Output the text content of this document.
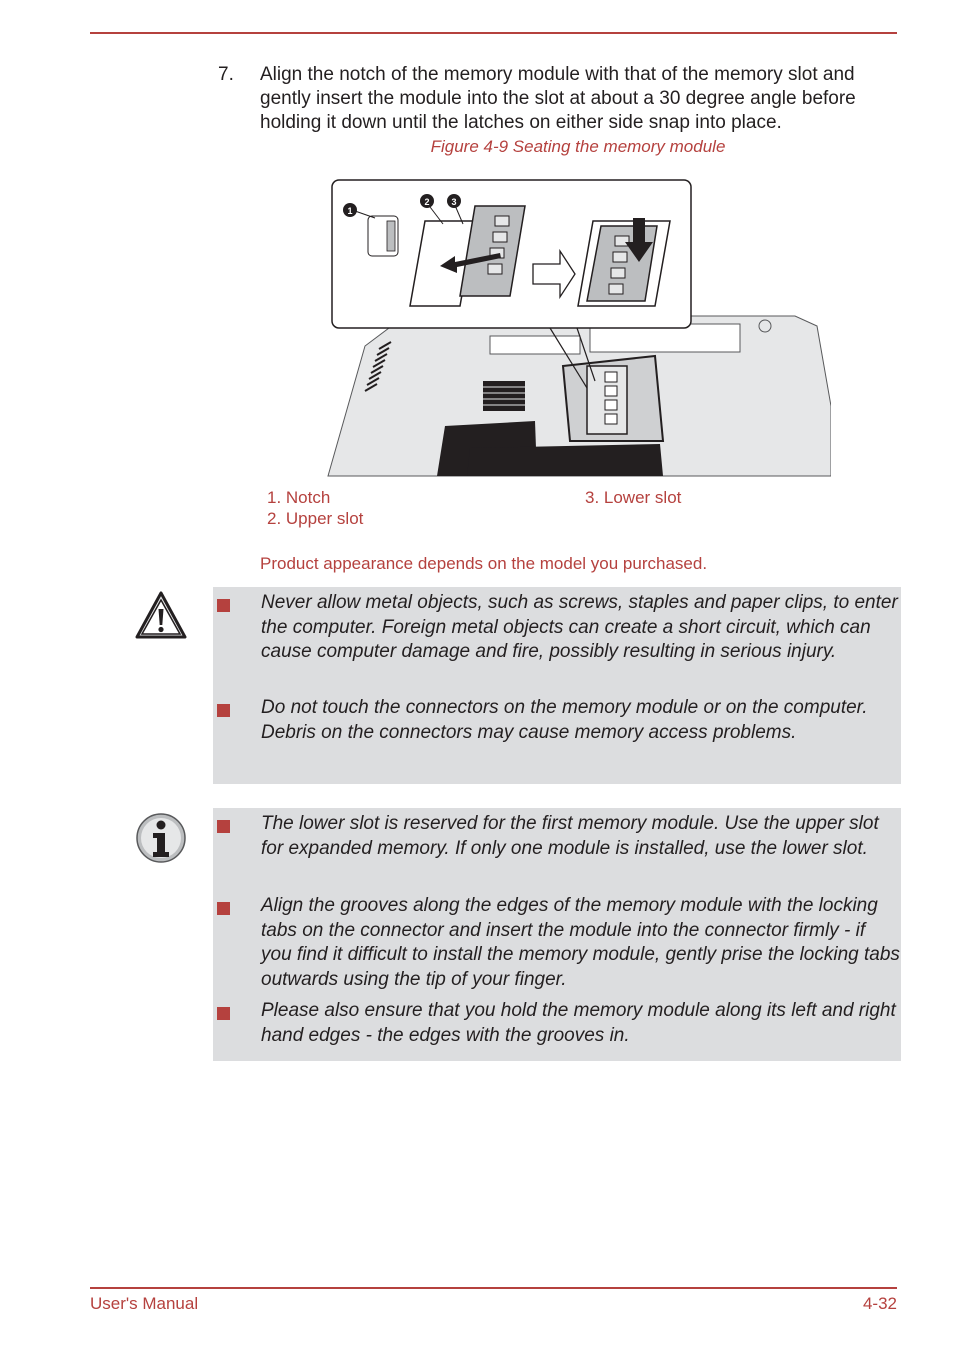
7. Align the notch of the memory module with that of the memory slot and gently insert the module into the slot at about a 30 degree angle before holding it down until the latches on either side snap into place.
Figure 4-9 Seating the memory module
1
2 3
1. Notch
2. Upper slot
3. Lower slot
Product appearance depends on the model you purchased.
Never allow metal objects, such as screws, staples and paper clips, to enter the computer. Foreign metal objects can create a short circuit, which can cause computer damage and fire, possibly resulting in serious injury.
Do not touch the connectors on the memory module or on the computer. Debris on the connectors may cause memory access problems.
The lower slot is reserved for the first memory module. Use the upper slot for expanded memory. If only one module is installed, use the lower slot.
Align the grooves along the edges of the memory module with the locking tabs on the connector and insert the module into the connector firmly - if you find it difficult to install the memory module, gently prise the locking tabs outwards using the tip of your finger.
Please also ensure that you hold the memory module along its left and right hand edges - the edges with the grooves in.
User's Manual	4-32
